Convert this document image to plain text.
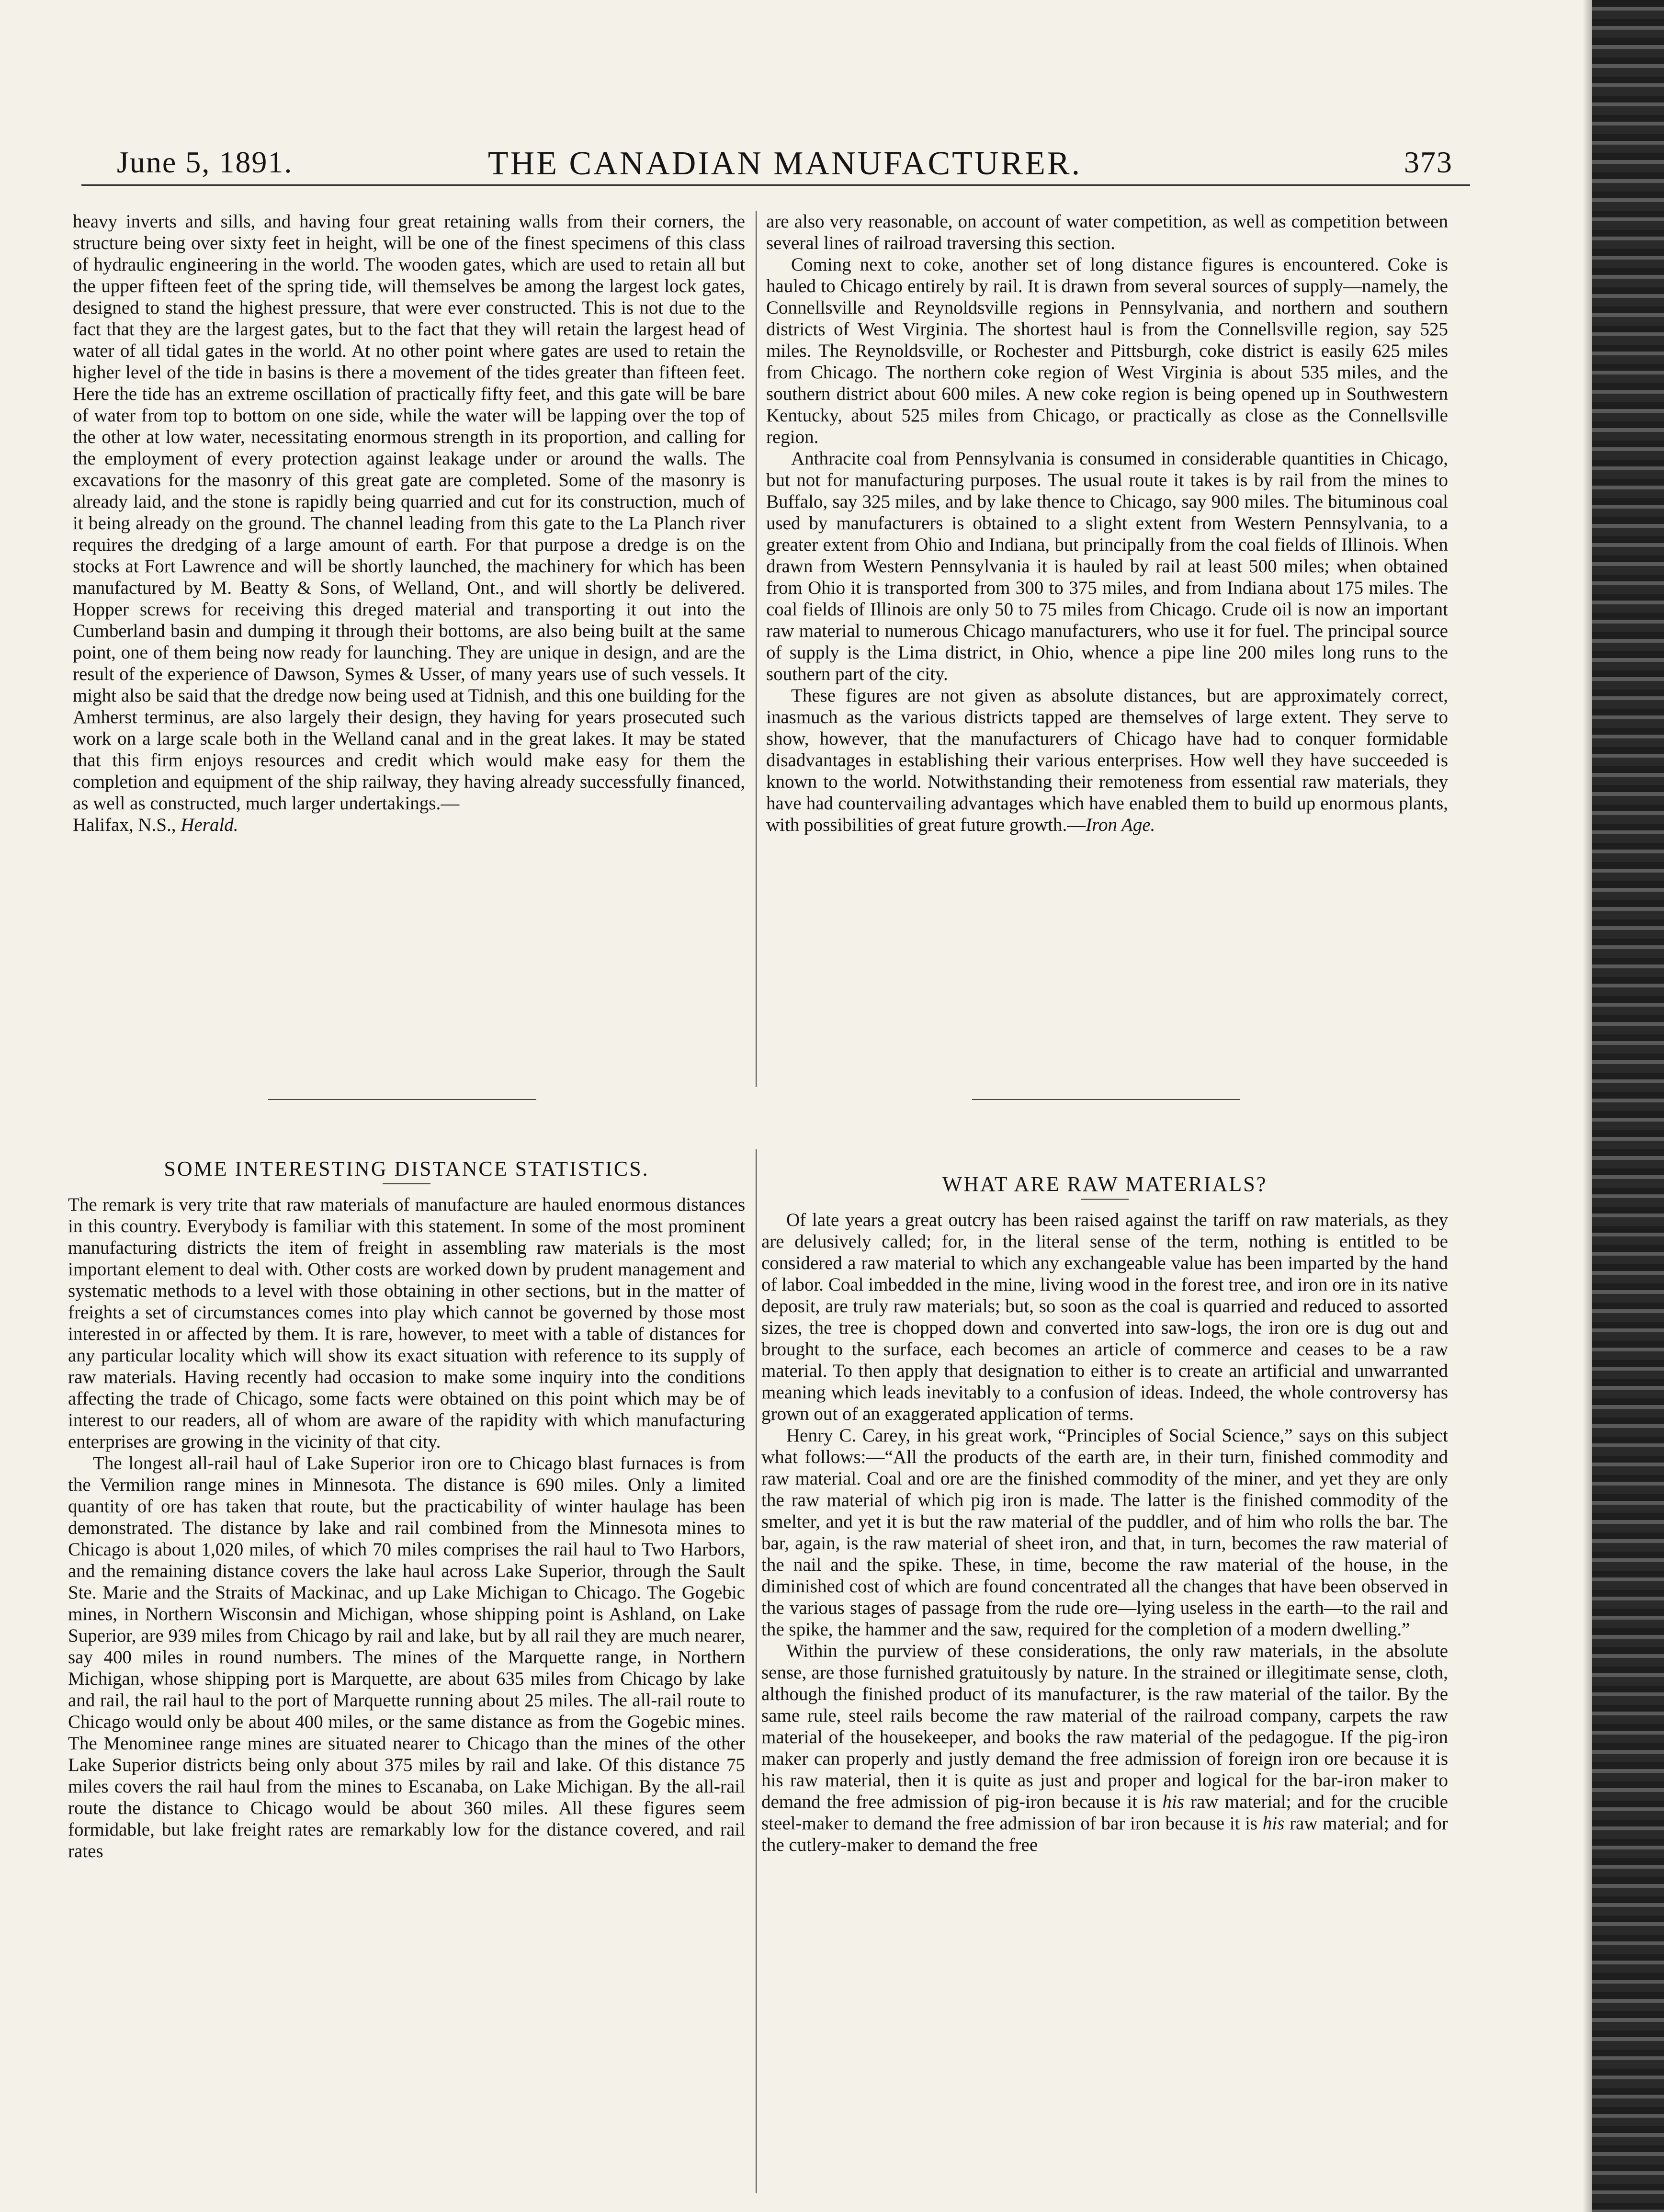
June 5, 1891.	THE CANADIAN MANUFACTURER.	373

heavy inverts and sills, and having four great retaining walls from their corners, the structure being over sixty feet in height, will be one of the finest specimens of this class of hydraulic engineering in the world. The wooden gates, which are used to retain all but the upper fifteen feet of the spring tide, will themselves be among the largest lock gates, designed to stand the highest pressure, that were ever constructed. This is not due to the fact that they are the largest gates, but to the fact that they will retain the largest head of water of all tidal gates in the world. At no other point where gates are used to retain the higher level of the tide in basins is there a movement of the tides greater than fifteen feet. Here the tide has an extreme oscillation of practically fifty feet, and this gate will be bare of water from top to bottom on one side, while the water will be lapping over the top of the other at low water, necessitating enormous strength in its proportion, and calling for the employment of every protection against leakage under or around the walls. The excavations for the masonry of this great gate are completed. Some of the masonry is already laid, and the stone is rapidly being quarried and cut for its construction, much of it being already on the ground. The channel leading from this gate to the La Planch river requires the dredging of a large amount of earth. For that purpose a dredge is on the stocks at Fort Lawrence and will be shortly launched, the machinery for which has been manufactured by M. Beatty & Sons, of Welland, Ont., and will shortly be delivered. Hopper screws for receiving this dreged material and transporting it out into the Cumberland basin and dumping it through their bottoms, are also being built at the same point, one of them being now ready for launching. They are unique in design, and are the result of the experience of Dawson, Symes & Usser, of many years use of such vessels. It might also be said that the dredge now being used at Tidnish, and this one building for the Amherst terminus, are also largely their design, they having for years prosecuted such work on a large scale both in the Welland canal and in the great lakes. It may be stated that this firm enjoys resources and credit which would make easy for them the completion and equipment of the ship railway, they having already successfully financed, as well as constructed, much larger undertakings.—

Halifax, N.S., Herald.

are also very reasonable, on account of water competition, as well as competition between several lines of railroad traversing this section.

Coming next to coke, another set of long distance figures is encountered. Coke is hauled to Chicago entirely by rail. It is drawn from several sources of supply—namely, the Connellsville and Reynoldsville regions in Pennsylvania, and northern and southern districts of West Virginia. The shortest haul is from the Connellsville region, say 525 miles. The Reynoldsville, or Rochester and Pittsburgh, coke district is easily 625 miles from Chicago. The northern coke region of West Virginia is about 535 miles, and the southern district about 600 miles. A new coke region is being opened up in Southwestern Kentucky, about 525 miles from Chicago, or practically as close as the Connellsville region.

Anthracite coal from Pennsylvania is consumed in considerable quantities in Chicago, but not for manufacturing purposes. The usual route it takes is by rail from the mines to Buffalo, say 325 miles, and by lake thence to Chicago, say 900 miles. The bituminous coal used by manufacturers is obtained to a slight extent from Western Pennsylvania, to a greater extent from Ohio and Indiana, but principally from the coal fields of Illinois. When drawn from Western Pennsylvania it is hauled by rail at least 500 miles; when obtained from Ohio it is transported from 300 to 375 miles, and from Indiana about 175 miles. The coal fields of Illinois are only 50 to 75 miles from Chicago. Crude oil is now an important raw material to numerous Chicago manufacturers, who use it for fuel. The principal source of supply is the Lima district, in Ohio, whence a pipe line 200 miles long runs to the southern part of the city.

These figures are not given as absolute distances, but are approximately correct, inasmuch as the various districts tapped are themselves of large extent. They serve to show, however, that the manufacturers of Chicago have had to conquer formidable disadvantages in establishing their various enterprises. How well they have succeeded is known to the world. Notwithstanding their remoteness from essential raw materials, they have had countervailing advantages which have enabled them to build up enormous plants, with possibilities of great future growth.—Iron Age.

SOME INTERESTING DISTANCE STATISTICS.

The remark is very trite that raw materials of manufacture are hauled enormous distances in this country. Everybody is familiar with this statement. In some of the most prominent manufacturing districts the item of freight in assembling raw materials is the most important element to deal with. Other costs are worked down by prudent management and systematic methods to a level with those obtaining in other sections, but in the matter of freights a set of circumstances comes into play which cannot be governed by those most interested in or affected by them. It is rare, however, to meet with a table of distances for any particular locality which will show its exact situation with reference to its supply of raw materials. Having recently had occasion to make some inquiry into the conditions affecting the trade of Chicago, some facts were obtained on this point which may be of interest to our readers, all of whom are aware of the rapidity with which manufacturing enterprises are growing in the vicinity of that city.

The longest all-rail haul of Lake Superior iron ore to Chicago blast furnaces is from the Vermilion range mines in Minnesota. The distance is 690 miles. Only a limited quantity of ore has taken that route, but the practicability of winter haulage has been demonstrated. The distance by lake and rail combined from the Minnesota mines to Chicago is about 1,020 miles, of which 70 miles comprises the rail haul to Two Harbors, and the remaining distance covers the lake haul across Lake Superior, through the Sault Ste. Marie and the Straits of Mackinac, and up Lake Michigan to Chicago. The Gogebic mines, in Northern Wisconsin and Michigan, whose shipping point is Ashland, on Lake Superior, are 939 miles from Chicago by rail and lake, but by all rail they are much nearer, say 400 miles in round numbers. The mines of the Marquette range, in Northern Michigan, whose shipping port is Marquette, are about 635 miles from Chicago by lake and rail, the rail haul to the port of Marquette running about 25 miles. The all-rail route to Chicago would only be about 400 miles, or the same distance as from the Gogebic mines. The Menominee range mines are situated nearer to Chicago than the mines of the other Lake Superior districts being only about 375 miles by rail and lake. Of this distance 75 miles covers the rail haul from the mines to Escanaba, on Lake Michigan. By the all-rail route the distance to Chicago would be about 360 miles. All these figures seem formidable, but lake freight rates are remarkably low for the distance covered, and rail rates

WHAT ARE RAW MATERIALS?

Of late years a great outcry has been raised against the tariff on raw materials, as they are delusively called; for, in the literal sense of the term, nothing is entitled to be considered a raw material to which any exchangeable value has been imparted by the hand of labor. Coal imbedded in the mine, living wood in the forest tree, and iron ore in its native deposit, are truly raw materials; but, so soon as the coal is quarried and reduced to assorted sizes, the tree is chopped down and converted into saw-logs, the iron ore is dug out and brought to the surface, each becomes an article of commerce and ceases to be a raw material. To then apply that designation to either is to create an artificial and unwarranted meaning which leads inevitably to a confusion of ideas. Indeed, the whole controversy has grown out of an exaggerated application of terms.

Henry C. Carey, in his great work, “Principles of Social Science,” says on this subject what follows:—“All the products of the earth are, in their turn, finished commodity and raw material. Coal and ore are the finished commodity of the miner, and yet they are only the raw material of which pig iron is made. The latter is the finished commodity of the smelter, and yet it is but the raw material of the puddler, and of him who rolls the bar. The bar, again, is the raw material of sheet iron, and that, in turn, becomes the raw material of the nail and the spike. These, in time, become the raw material of the house, in the diminished cost of which are found concentrated all the changes that have been observed in the various stages of passage from the rude ore—lying useless in the earth—to the rail and the spike, the hammer and the saw, required for the completion of a modern dwelling.”

Within the purview of these considerations, the only raw materials, in the absolute sense, are those furnished gratuitously by nature. In the strained or illegitimate sense, cloth, although the finished product of its manufacturer, is the raw material of the tailor. By the same rule, steel rails become the raw material of the railroad company, carpets the raw material of the housekeeper, and books the raw material of the pedagogue. If the pig-iron maker can properly and justly demand the free admission of foreign iron ore because it is his raw material, then it is quite as just and proper and logical for the bar-iron maker to demand the free admission of pig-iron because it is his raw material; and for the crucible steel-maker to demand the free admission of bar iron because it is his raw material; and for the cutlery-maker to demand the free
